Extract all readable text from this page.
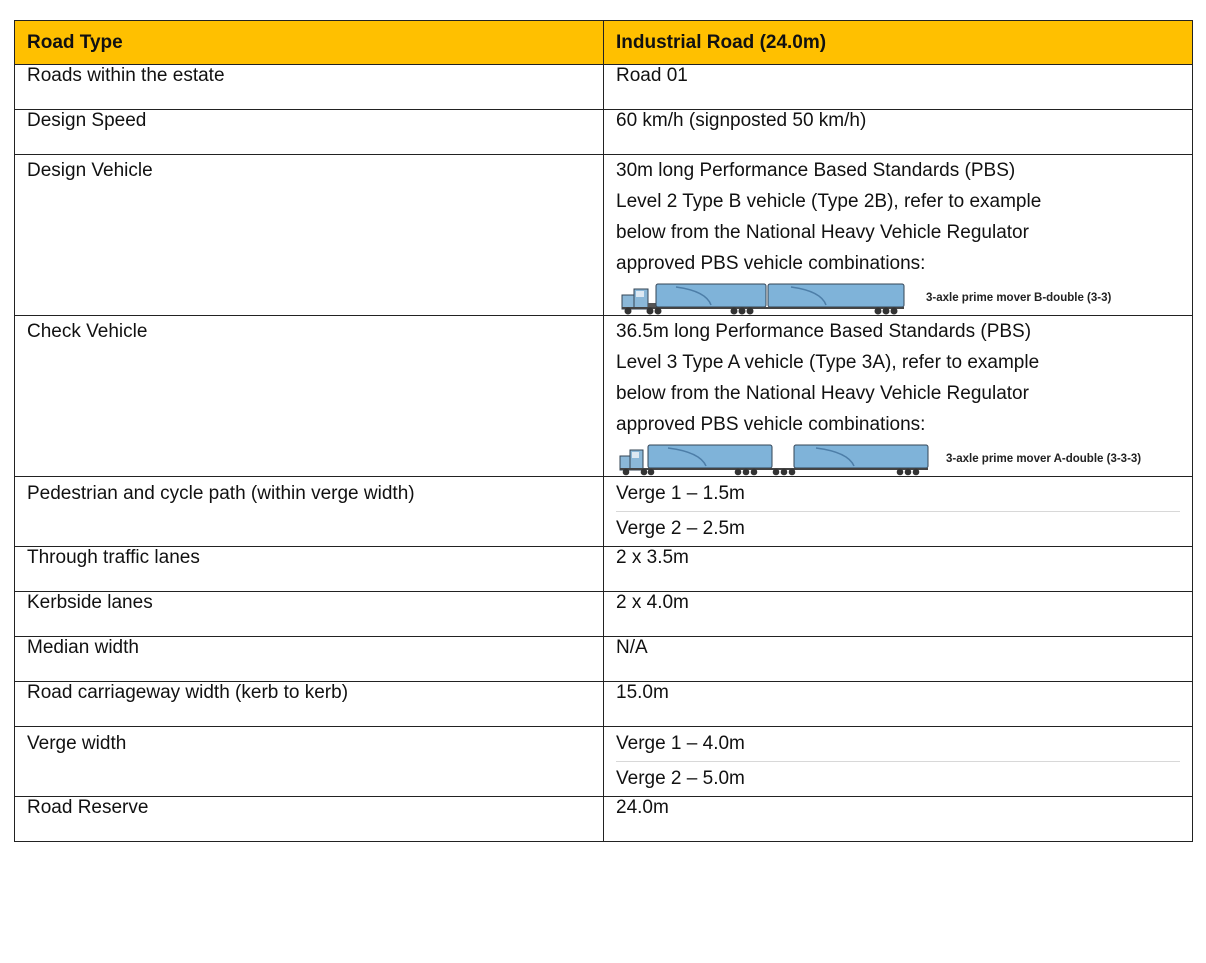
Road Type	Industrial Road (24.0m)
Roads within the estate	Road 01
Design Speed	60 km/h (signposted 50 km/h)

Design Vehicle	30m long Performance Based Standards (PBS)
Level 2 Type B vehicle (Type 2B), refer to example
below from the National Heavy Vehicle Regulator
approved PBS vehicle combinations:
3-axle prime mover B-double (3-3)

Check Vehicle	36.5m long Performance Based Standards (PBS)
Level 3 Type A vehicle (Type 3A), refer to example
below from the National Heavy Vehicle Regulator
approved PBS vehicle combinations:
3-axle prime mover A-double (3-3-3)

Pedestrian and cycle path (within verge width)	Verge 1 – 1.5m
Verge 2 – 2.5m

Through traffic lanes	2 x 3.5m
Kerbside lanes	2 x 4.0m
Median width	N/A
Road carriageway width (kerb to kerb)	15.0m

Verge width	Verge 1 – 4.0m
Verge 2 – 5.0m

Road Reserve	24.0m
